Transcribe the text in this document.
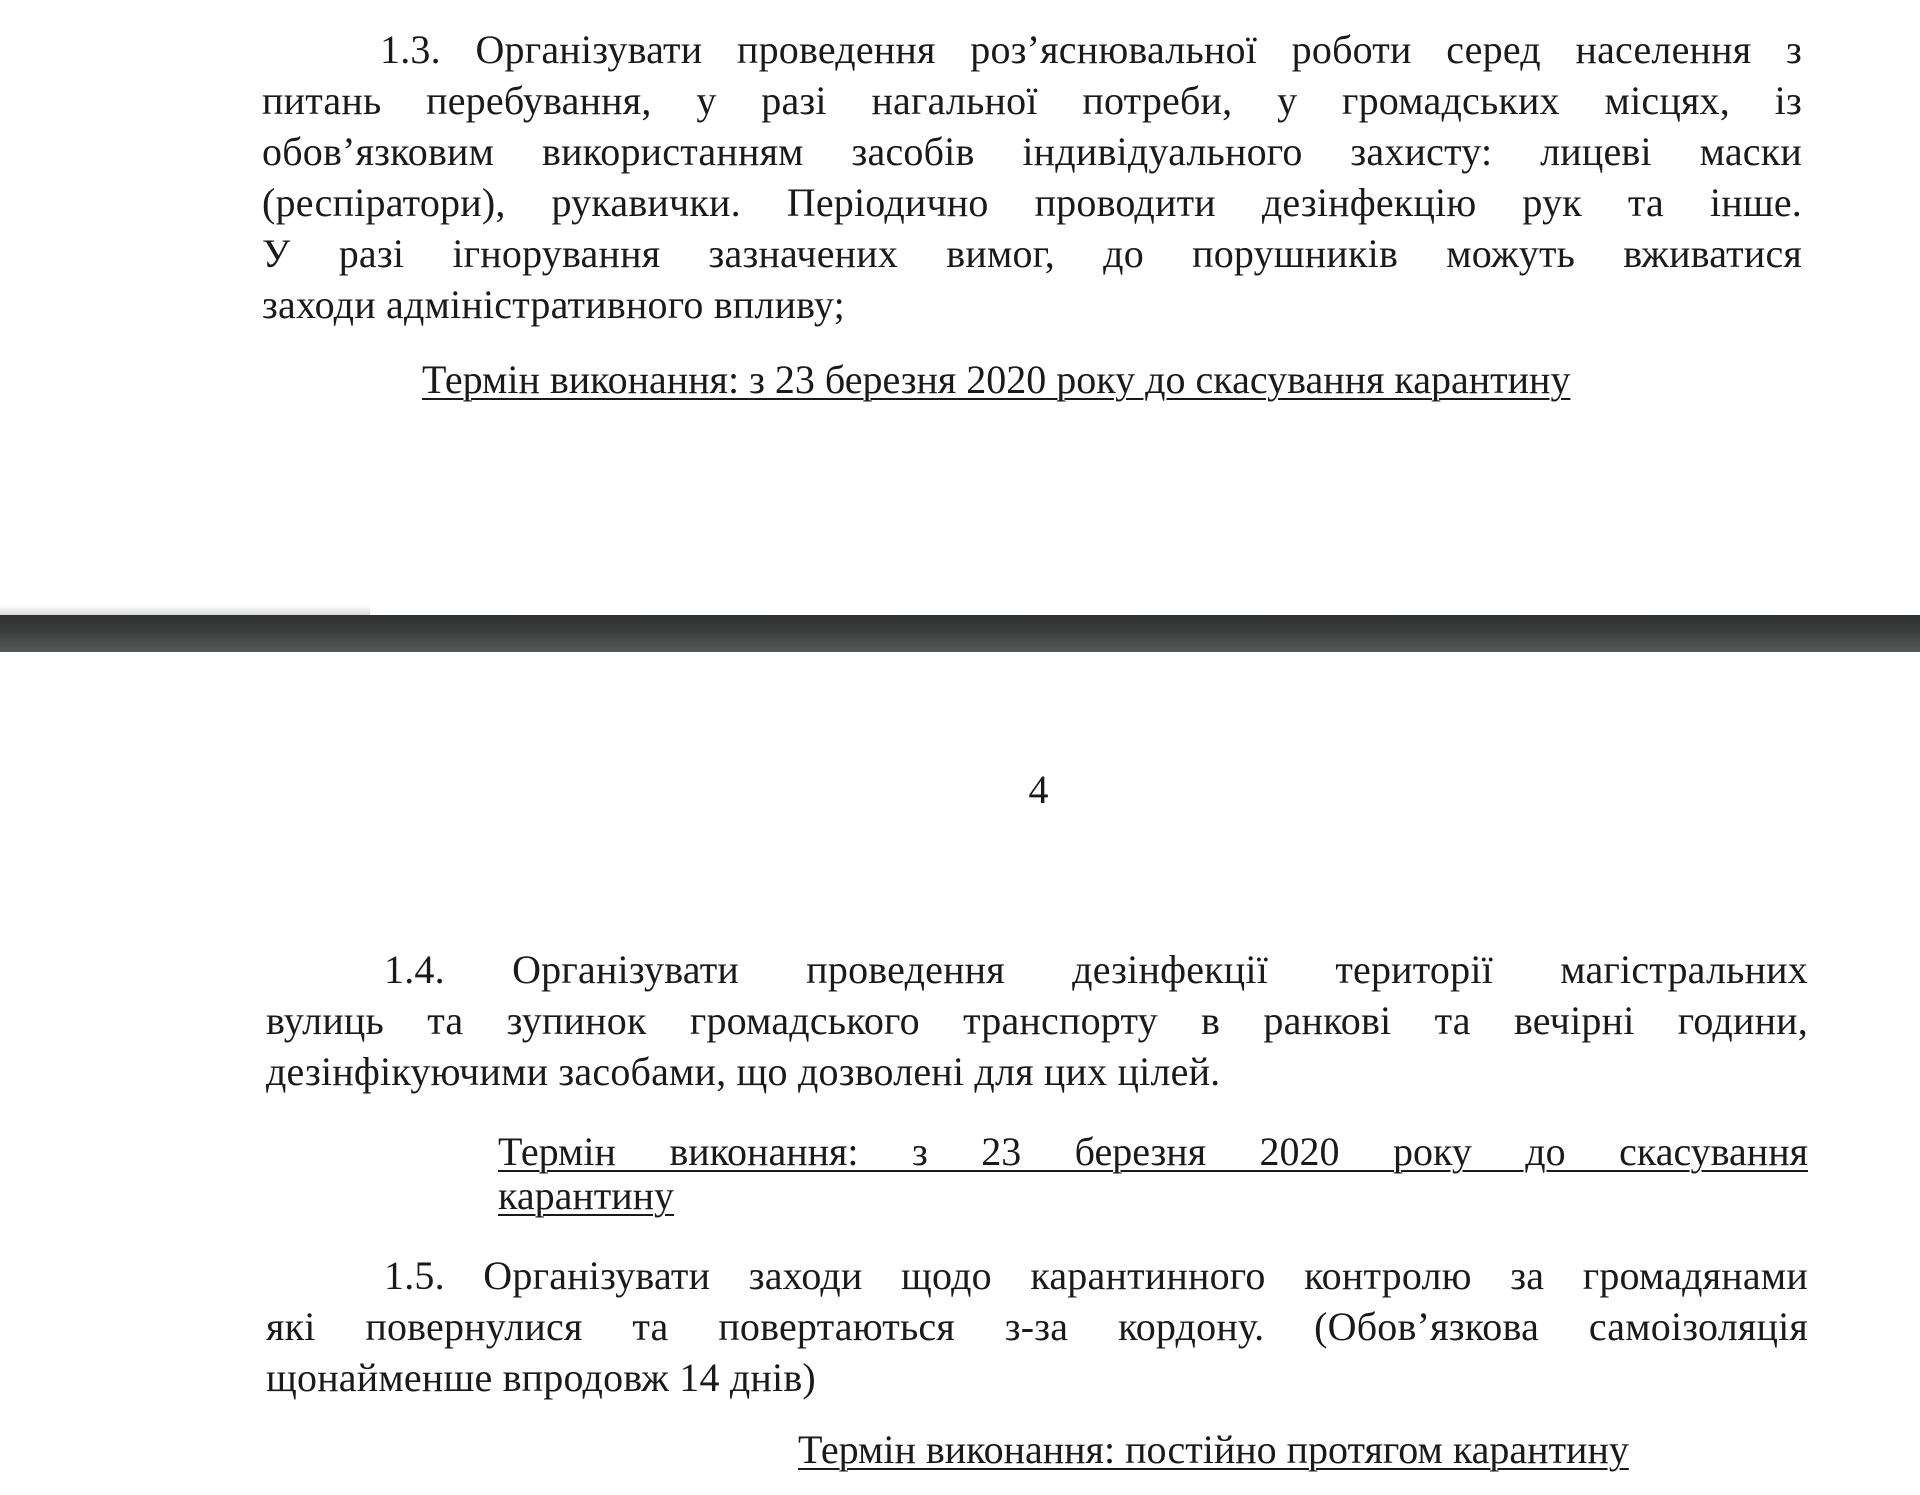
1.3. Організувати проведення роз’яснювальної роботи серед населення з
питань перебування, у разі нагальної потреби, у громадських місцях, із
обов’язковим використанням засобів індивідуального захисту: лицеві маски
(респіратори), рукавички. Періодично проводити дезінфекцію рук та інше.
У разі ігнорування зазначених вимог, до порушників можуть вживатися
заходи адміністративного впливу;
Термін виконання: з 23 березня 2020 року до скасування карантину
4
1.4. Організувати проведення дезінфекції території магістральних
вулиць та зупинок громадського транспорту в ранкові та вечірні години,
дезінфікуючими засобами, що дозволені для цих цілей.
Термін виконання: з 23 березня 2020 року до скасування
карантину
1.5. Організувати заходи щодо карантинного контролю за громадянами
які повернулися та повертаються з-за кордону. (Обов’язкова самоізоляція
щонайменше впродовж 14 днів)
Термін виконання: постійно протягом карантину
